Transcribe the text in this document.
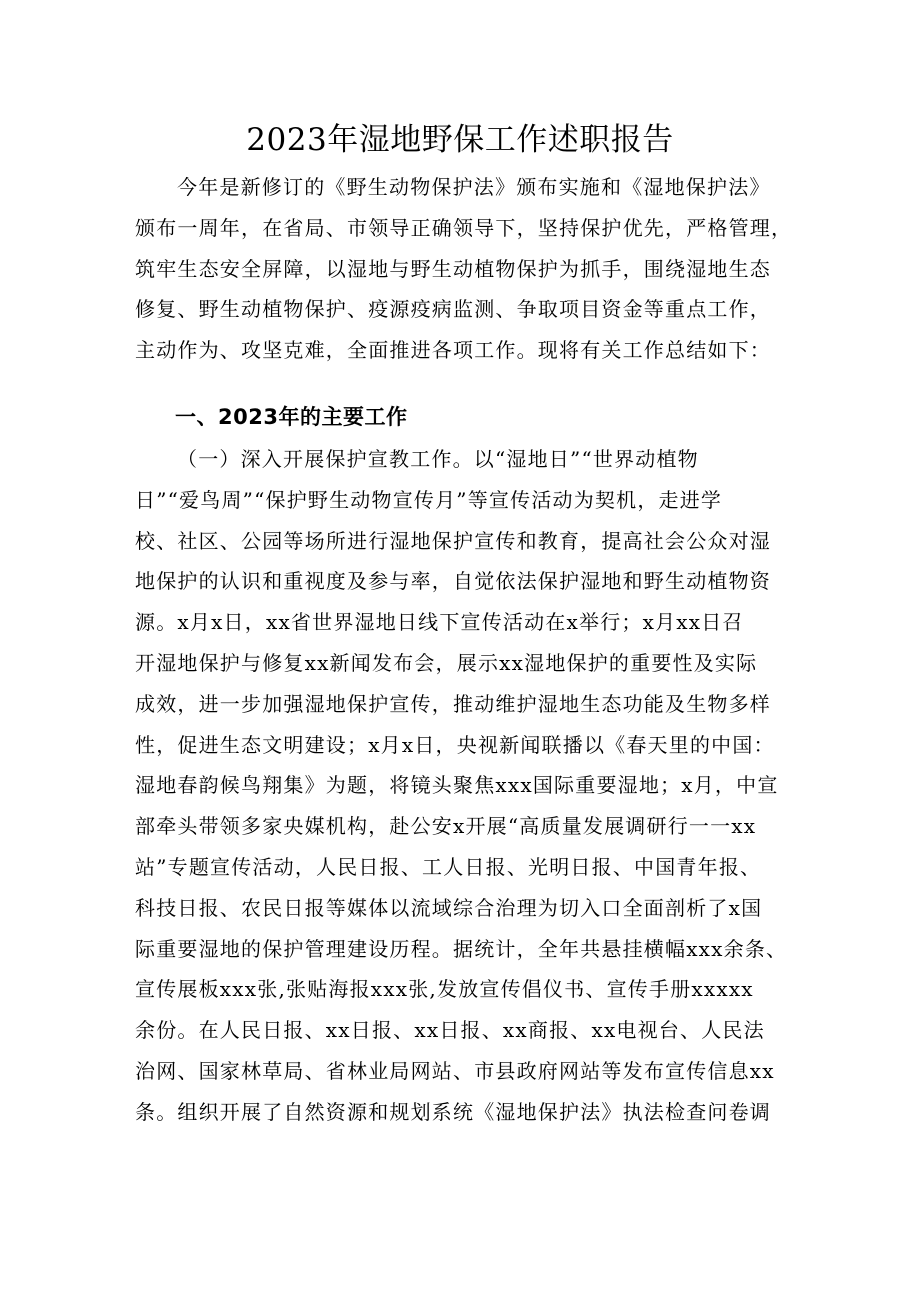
2023年湿地野保工作述职报告
今年是新修订的《野生动物保护法》颁布实施和《湿地保护法》
颁布一周年，在省局、市领导正确领导下，坚持保护优先，严格管理，
筑牢生态安全屏障，以湿地与野生动植物保护为抓手，围绕湿地生态
修复、野生动植物保护、疫源疫病监测、争取项目资金等重点工作，
主动作为、攻坚克难，全面推进各项工作。现将有关工作总结如下：
一、2023年的主要工作
（一）深入开展保护宣教工作。以“湿地日”“世界动植物
日”“爱鸟周”“保护野生动物宣传月”等宣传活动为契机，走进学
校、社区、公园等场所进行湿地保护宣传和教育，提高社会公众对湿
地保护的认识和重视度及参与率，自觉依法保护湿地和野生动植物资
源。x月x日，xx省世界湿地日线下宣传活动在x举行；x月xx日召
开湿地保护与修复xx新闻发布会，展示xx湿地保护的重要性及实际
成效，进一步加强湿地保护宣传，推动维护湿地生态功能及生物多样
性，促进生态文明建设；x月x日，央视新闻联播以《春天里的中国：
湿地春韵候鸟翔集》为题，将镜头聚焦xxx国际重要湿地；x月，中宣
部牵头带领多家央媒机构，赴公安x开展“高质量发展调研行一一xx
站”专题宣传活动，人民日报、工人日报、光明日报、中国青年报、
科技日报、农民日报等媒体以流域综合治理为切入口全面剖析了x国
际重要湿地的保护管理建设历程。据统计，全年共悬挂横幅xxx余条、
宣传展板xxx张,张贴海报xxx张,发放宣传倡仪书、宣传手册xxxxx
余份。在人民日报、xx日报、xx日报、xx商报、xx电视台、人民法
治网、国家林草局、省林业局网站、市县政府网站等发布宣传信息xx
条。组织开展了自然资源和规划系统《湿地保护法》执法检查问卷调
